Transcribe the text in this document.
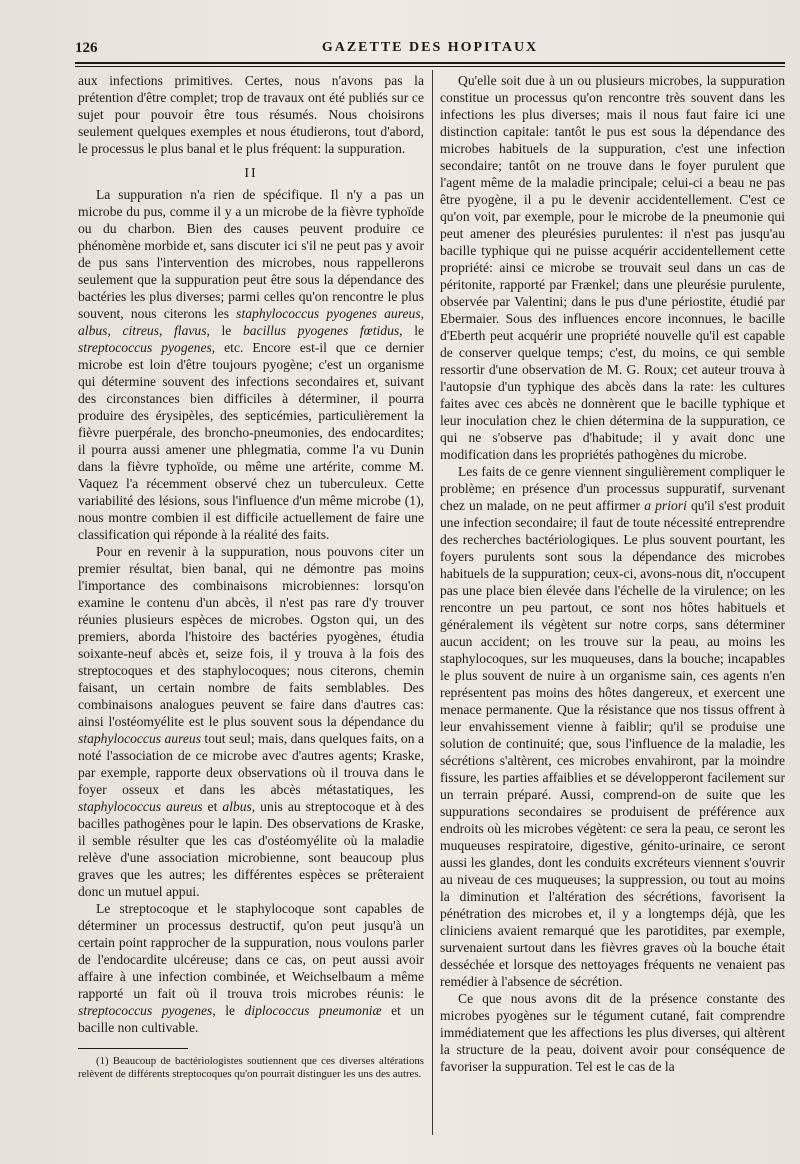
126	GAZETTE DES HOPITAUX

aux infections primitives. Certes, nous n'avons pas la prétention d'être complet; trop de travaux ont été publiés sur ce sujet pour pouvoir être tous résumés. Nous choisirons seulement quelques exemples et nous étudierons, tout d'abord, le processus le plus banal et le plus fréquent: la suppuration.

II

La suppuration n'a rien de spécifique. Il n'y a pas un microbe du pus, comme il y a un microbe de la fièvre typhoïde ou du charbon. Bien des causes peuvent produire ce phénomène morbide et, sans discuter ici s'il ne peut pas y avoir de pus sans l'intervention des microbes, nous rappellerons seulement que la suppuration peut être sous la dépendance des bactéries les plus diverses; parmi celles qu'on rencontre le plus souvent, nous citerons les staphylococcus pyogenes aureus, albus, citreus, flavus, le bacillus pyogenes fœtidus, le streptococcus pyogenes, etc. Encore est-il que ce dernier microbe est loin d'être toujours pyogène; c'est un organisme qui détermine souvent des infections secondaires et, suivant des circonstances bien difficiles à déterminer, il pourra produire des érysipèles, des septicémies, particulièrement la fièvre puerpérale, des broncho-pneumonies, des endocardites; il pourra aussi amener une phlegmatia, comme l'a vu Dunin dans la fièvre typhoïde, ou même une artérite, comme M. Vaquez l'a récemment observé chez un tuberculeux. Cette variabilité des lésions, sous l'influence d'un même microbe (1), nous montre combien il est difficile actuellement de faire une classification qui réponde à la réalité des faits.

Pour en revenir à la suppuration, nous pouvons citer un premier résultat, bien banal, qui ne démontre pas moins l'importance des combinaisons microbiennes: lorsqu'on examine le contenu d'un abcès, il n'est pas rare d'y trouver réunies plusieurs espèces de microbes. Ogston qui, un des premiers, aborda l'histoire des bactéries pyogènes, étudia soixante-neuf abcès et, seize fois, il y trouva à la fois des streptocoques et des staphylocoques; nous citerons, chemin faisant, un certain nombre de faits semblables. Des combinaisons analogues peuvent se faire dans d'autres cas: ainsi l'ostéomyélite est le plus souvent sous la dépendance du staphylococcus aureus tout seul; mais, dans quelques faits, on a noté l'association de ce microbe avec d'autres agents; Kraske, par exemple, rapporte deux observations où il trouva dans le foyer osseux et dans les abcès métastatiques, les staphylococcus aureus et albus, unis au streptocoque et à des bacilles pathogènes pour le lapin. Des observations de Kraske, il semble résulter que les cas d'ostéomyélite où la maladie relève d'une association microbienne, sont beaucoup plus graves que les autres; les différentes espèces se prêteraient donc un mutuel appui.

Le streptocoque et le staphylocoque sont capables de déterminer un processus destructif, qu'on peut jusqu'à un certain point rapprocher de la suppuration, nous voulons parler de l'endocardite ulcéreuse; dans ce cas, on peut aussi avoir affaire à une infection combinée, et Weichselbaum a même rapporté un fait où il trouva trois microbes réunis: le streptococcus pyogenes, le diplococcus pneumoniæ et un bacille non cultivable.

(1) Beaucoup de bactériologistes soutiennent que ces diverses altérations relèvent de différents streptocoques qu'on pourrait distinguer les uns des autres.

Qu'elle soit due à un ou plusieurs microbes, la suppuration constitue un processus qu'on rencontre très souvent dans les infections les plus diverses; mais il nous faut faire ici une distinction capitale: tantôt le pus est sous la dépendance des microbes habituels de la suppuration, c'est une infection secondaire; tantôt on ne trouve dans le foyer purulent que l'agent même de la maladie principale; celui-ci a beau ne pas être pyogène, il a pu le devenir accidentellement. C'est ce qu'on voit, par exemple, pour le microbe de la pneumonie qui peut amener des pleurésies purulentes: il n'est pas jusqu'au bacille typhique qui ne puisse acquérir accidentellement cette propriété: ainsi ce microbe se trouvait seul dans un cas de péritonite, rapporté par Frænkel; dans une pleurésie purulente, observée par Valentini; dans le pus d'une périostite, étudié par Ebermaier. Sous des influences encore inconnues, le bacille d'Eberth peut acquérir une propriété nouvelle qu'il est capable de conserver quelque temps; c'est, du moins, ce qui semble ressortir d'une observation de M. G. Roux; cet auteur trouva à l'autopsie d'un typhique des abcès dans la rate: les cultures faites avec ces abcès ne donnèrent que le bacille typhique et leur inoculation chez le chien détermina de la suppuration, ce qui ne s'observe pas d'habitude; il y avait donc une modification dans les propriétés pathogènes du microbe.

Les faits de ce genre viennent singulièrement compliquer le problème; en présence d'un processus suppuratif, survenant chez un malade, on ne peut affirmer a priori qu'il s'est produit une infection secondaire; il faut de toute nécessité entreprendre des recherches bactériologiques. Le plus souvent pourtant, les foyers purulents sont sous la dépendance des microbes habituels de la suppuration; ceux-ci, avons-nous dit, n'occupent pas une place bien élevée dans l'échelle de la virulence; on les rencontre un peu partout, ce sont nos hôtes habituels et généralement ils végètent sur notre corps, sans déterminer aucun accident; on les trouve sur la peau, au moins les staphylocoques, sur les muqueuses, dans la bouche; incapables le plus souvent de nuire à un organisme sain, ces agents n'en représentent pas moins des hôtes dangereux, et exercent une menace permanente. Que la résistance que nos tissus offrent à leur envahissement vienne à faiblir; qu'il se produise une solution de continuité; que, sous l'influence de la maladie, les sécrétions s'altèrent, ces microbes envahiront, par la moindre fissure, les parties affaiblies et se développeront facilement sur un terrain préparé. Aussi, comprend-on de suite que les suppurations secondaires se produisent de préférence aux endroits où les microbes végètent: ce sera la peau, ce seront les muqueuses respiratoire, digestive, génito-urinaire, ce seront aussi les glandes, dont les conduits excréteurs viennent s'ouvrir au niveau de ces muqueuses; la suppression, ou tout au moins la diminution et l'altération des sécrétions, favorisent la pénétration des microbes et, il y a longtemps déjà, que les cliniciens avaient remarqué que les parotidites, par exemple, survenaient surtout dans les fièvres graves où la bouche était desséchée et lorsque des nettoyages fréquents ne venaient pas remédier à l'absence de sécrétion.

Ce que nous avons dit de la présence constante des microbes pyogènes sur le tégument cutané, fait comprendre immédiatement que les affections les plus diverses, qui altèrent la structure de la peau, doivent avoir pour conséquence de favoriser la suppuration. Tel est le cas de la
